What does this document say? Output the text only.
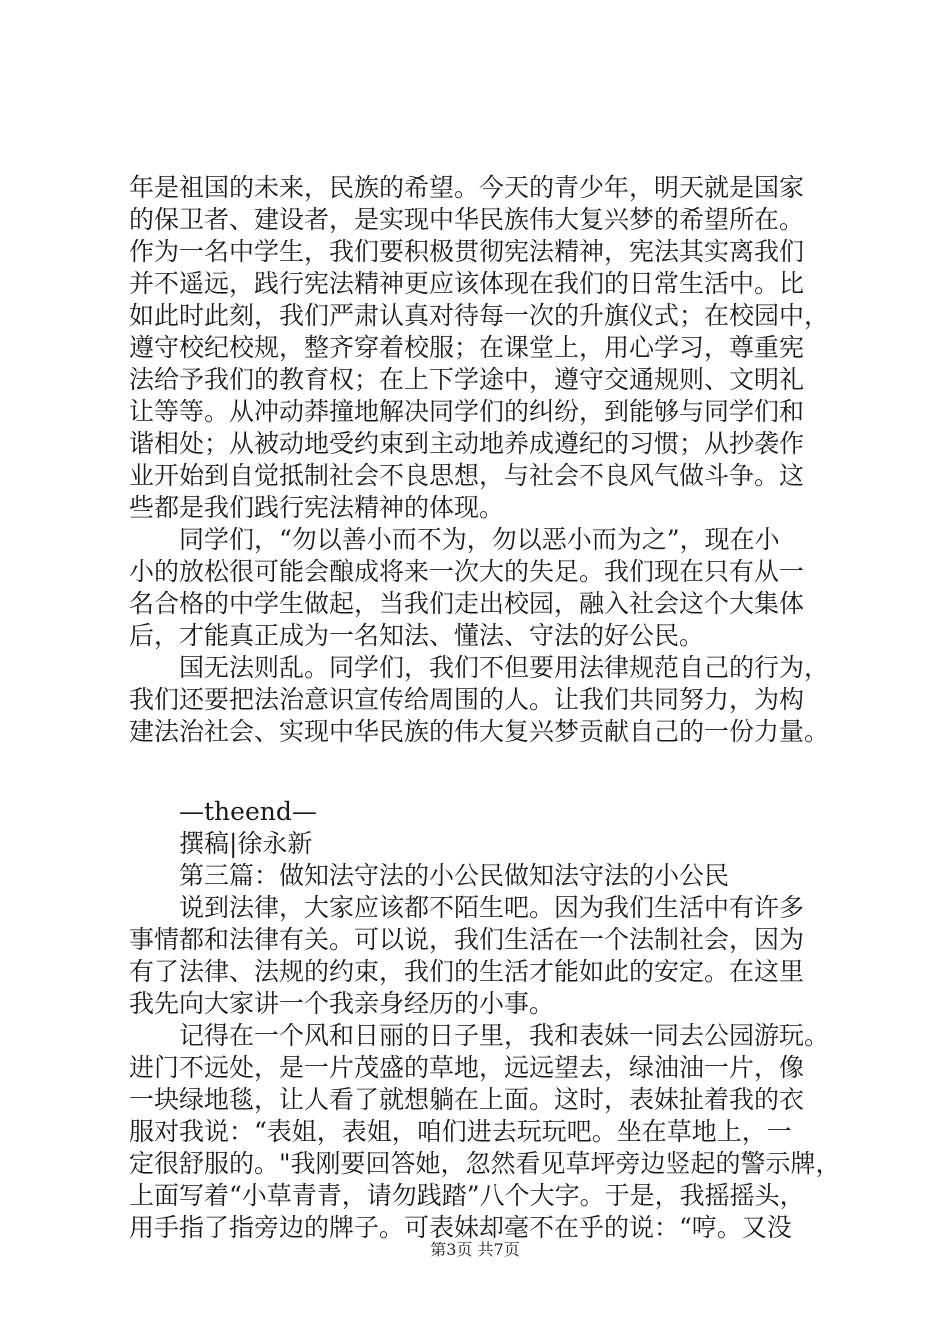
年是祖国的未来，民族的希望。今天的青少年，明天就是国家
的保卫者、建设者，是实现中华民族伟大复兴梦的希望所在。
作为一名中学生，我们要积极贯彻宪法精神，宪法其实离我们
并不遥远，践行宪法精神更应该体现在我们的日常生活中。比
如此时此刻，我们严肃认真对待每一次的升旗仪式；在校园中，
遵守校纪校规，整齐穿着校服；在课堂上，用心学习，尊重宪
法给予我们的教育权；在上下学途中，遵守交通规则、文明礼
让等等。从冲动莽撞地解决同学们的纠纷，到能够与同学们和
谐相处；从被动地受约束到主动地养成遵纪的习惯；从抄袭作
业开始到自觉抵制社会不良思想，与社会不良风气做斗争。这
些都是我们践行宪法精神的体现。
同学们，“勿以善小而不为，勿以恶小而为之”，现在小
小的放松很可能会酿成将来一次大的失足。我们现在只有从一
名合格的中学生做起，当我们走出校园，融入社会这个大集体
后，才能真正成为一名知法、懂法、守法的好公民。
国无法则乱。同学们，我们不但要用法律规范自己的行为，
我们还要把法治意识宣传给周围的人。让我们共同努力，为构
建法治社会、实现中华民族的伟大复兴梦贡献自己的一份力量。
—theend—
撰稿|徐永新
第三篇：做知法守法的小公民做知法守法的小公民
说到法律，大家应该都不陌生吧。因为我们生活中有许多
事情都和法律有关。可以说，我们生活在一个法制社会，因为
有了法律、法规的约束，我们的生活才能如此的安定。在这里
我先向大家讲一个我亲身经历的小事。
记得在一个风和日丽的日子里，我和表妹一同去公园游玩。
进门不远处，是一片茂盛的草地，远远望去，绿油油一片，像
一块绿地毯，让人看了就想躺在上面。这时，表妹扯着我的衣
服对我说：“表姐，表姐，咱们进去玩玩吧。坐在草地上，一
定很舒服的。"我刚要回答她，忽然看见草坪旁边竖起的警示牌，
上面写着“小草青青，请勿践踏”八个大字。于是，我摇摇头，
用手指了指旁边的牌子。可表妹却毫不在乎的说：“哼。又没
第3页 共7页
